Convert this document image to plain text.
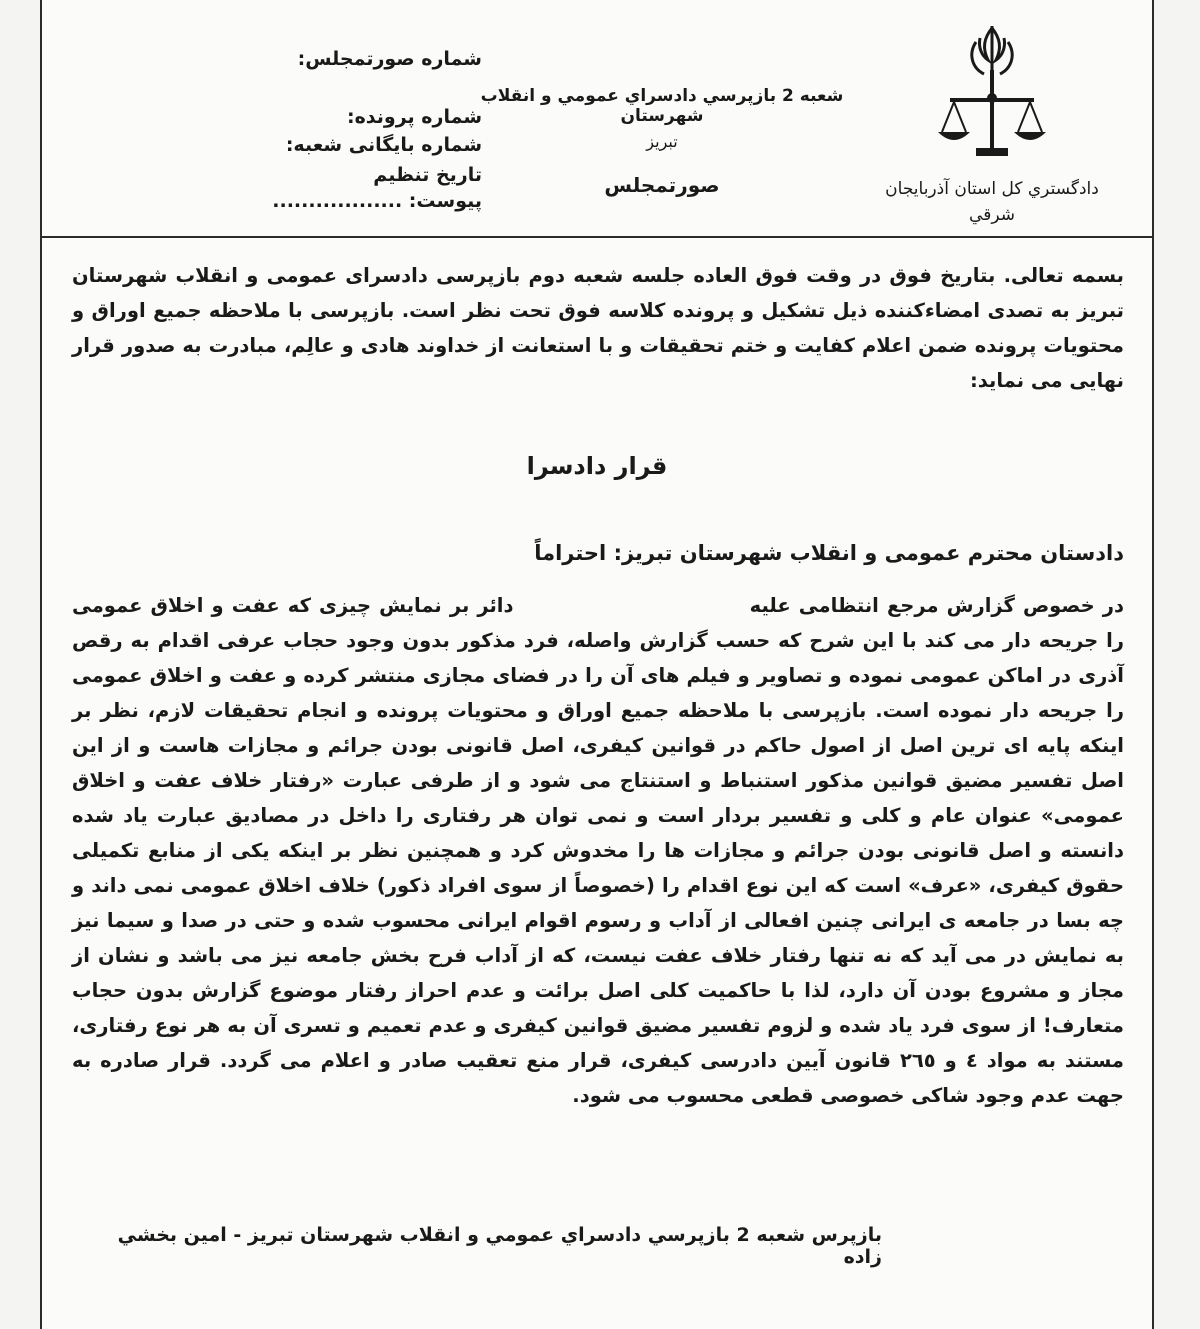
دادگستري کل استان آذربایجان
شرقي
شعبه 2 بازپرسي دادسراي عمومي و انقلاب شهرستان
تبریز
صورتمجلس
شماره صورتمجلس:
شماره پرونده:
شماره بایگانی شعبه:
تاریخ تنظیم
پیوست: ..................
بسمه تعالی. بتاریخ فوق در وقت فوق العاده جلسه شعبه دوم بازپرسی دادسرای عمومی و انقلاب شهرستان تبریز به تصدی امضاءکننده ذیل تشکیل و پرونده کلاسه فوق تحت نظر است. بازپرسی با ملاحظه جمیع اوراق و محتویات پرونده ضمن اعلام کفایت و ختم تحقیقات و با استعانت از خداوند هادی و عالِم، مبادرت به صدور قرار نهایی می نماید:
قرار دادسرا
دادستان محترم عمومی و انقلاب شهرستان تبریز: احتراماً
در خصوص گزارش مرجع انتظامی علیه  دائر بر نمایش چیزی که عفت و اخلاق عمومی را جریحه دار می کند با این شرح که حسب گزارش واصله، فرد مذکور بدون وجود حجاب عرفی اقدام به رقص آذری در اماکن عمومی نموده و تصاویر و فیلم های آن را در فضای مجازی منتشر کرده و عفت و اخلاق عمومی را جریحه دار نموده است. بازپرسی با ملاحظه جمیع اوراق و محتویات پرونده و انجام تحقیقات لازم، نظر بر اینکه پایه ای ترین اصل از اصول حاکم در قوانین کیفری، اصل قانونی بودن جرائم و مجازات هاست و از این اصل تفسیر مضیق قوانین مذکور استنباط و استنتاج می شود و از طرفی عبارت «رفتار خلاف عفت و اخلاق عمومی» عنوان عام و کلی و تفسیر بردار است و نمی توان هر رفتاری را داخل در مصادیق عبارت یاد شده دانسته و اصل قانونی بودن جرائم و مجازات ها را مخدوش کرد و همچنین نظر بر اینکه یکی از منابع تکمیلی حقوق کیفری، «عرف» است که این نوع اقدام را (خصوصاً از سوی افراد ذکور) خلاف اخلاق عمومی نمی داند و چه بسا در جامعه ی ایرانی چنین افعالی از آداب و رسوم اقوام ایرانی محسوب شده و حتی در صدا و سیما نیز به نمایش در می آید که نه تنها رفتار خلاف عفت نیست، که از آداب فرح بخش جامعه نیز می باشد و نشان از مجاز و مشروع بودن آن دارد، لذا با حاکمیت کلی اصل برائت و عدم احراز رفتار موضوع گزارش بدون حجاب متعارف! از سوی فرد یاد شده و لزوم تفسیر مضیق قوانین کیفری و عدم تعمیم و تسری آن به هر نوع رفتاری، مستند به مواد ٤ و ٢٦٥ قانون آیین دادرسی کیفری، قرار منع تعقیب صادر و اعلام می گردد. قرار صادره به جهت عدم وجود شاکی خصوصی قطعی محسوب می شود.
بازپرس شعبه 2 بازپرسي دادسراي عمومي و انقلاب شهرستان تبريز - امين بخشي زاده
